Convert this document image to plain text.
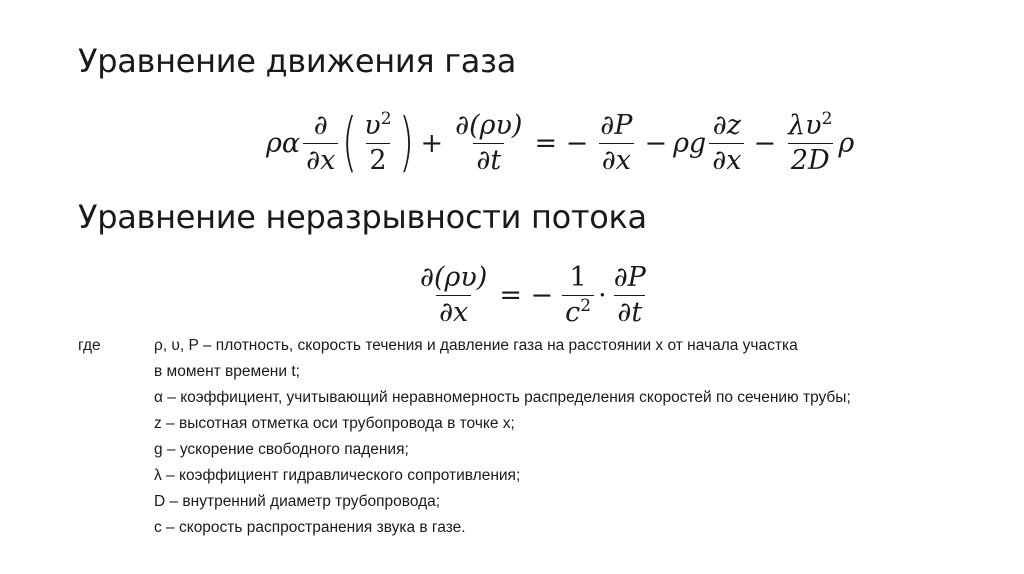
Уравнение движения газа
ρα $\frac{\partial}{\partial x}$ ( $\frac{\upsilon^2}{2}$ ) + $\frac{\partial(\rho\upsilon)}{\partial t}$ = − $\frac{\partial P}{\partial x} - \rho g \frac{\partial z}{\partial x} - \frac{\lambda\upsilon^2}{2D}$ ρ
Уравнение неразрывности потока
$\frac{\partial(\rho\upsilon)}{\partial x}$ = − $\frac{1}{c^2} \cdot \frac{\partial P}{\partial t}$
где	ρ, υ, P – плотность, скорость течения и давление газа на расстоянии x от начала участка
в момент времени t;
α – коэффициент, учитывающий неравномерность распределения скоростей по сечению трубы;
z – высотная отметка оси трубопровода в точке x;
g – ускорение свободного падения;
λ – коэффициент гидравлического сопротивления;
D – внутренний диаметр трубопровода;
c – скорость распространения звука в газе.
